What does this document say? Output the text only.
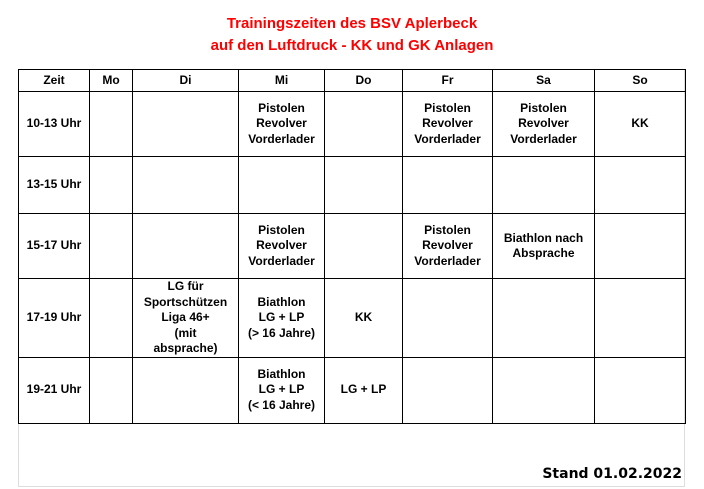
Trainingszeiten des BSV Aplerbeck
auf den Luftdruck - KK und GK Anlagen
Zeit	Mo	Di	Mi	Do	Fr	Sa	So
10-13 Uhr			Pistolen
Revolver
Vorderlader		Pistolen
Revolver
Vorderlader	Pistolen
Revolver
Vorderlader	KK
13-15 Uhr							
15-17 Uhr			Pistolen
Revolver
Vorderlader		Pistolen
Revolver
Vorderlader	Biathlon nach
Absprache	
17-19 Uhr		LG für
Sportschützen
Liga 46+
(mit
absprache)	Biathlon
LG + LP
(> 16 Jahre)	KK			
19-21 Uhr			Biathlon
LG + LP
(< 16 Jahre)	LG + LP			
Stand 01.02.2022
